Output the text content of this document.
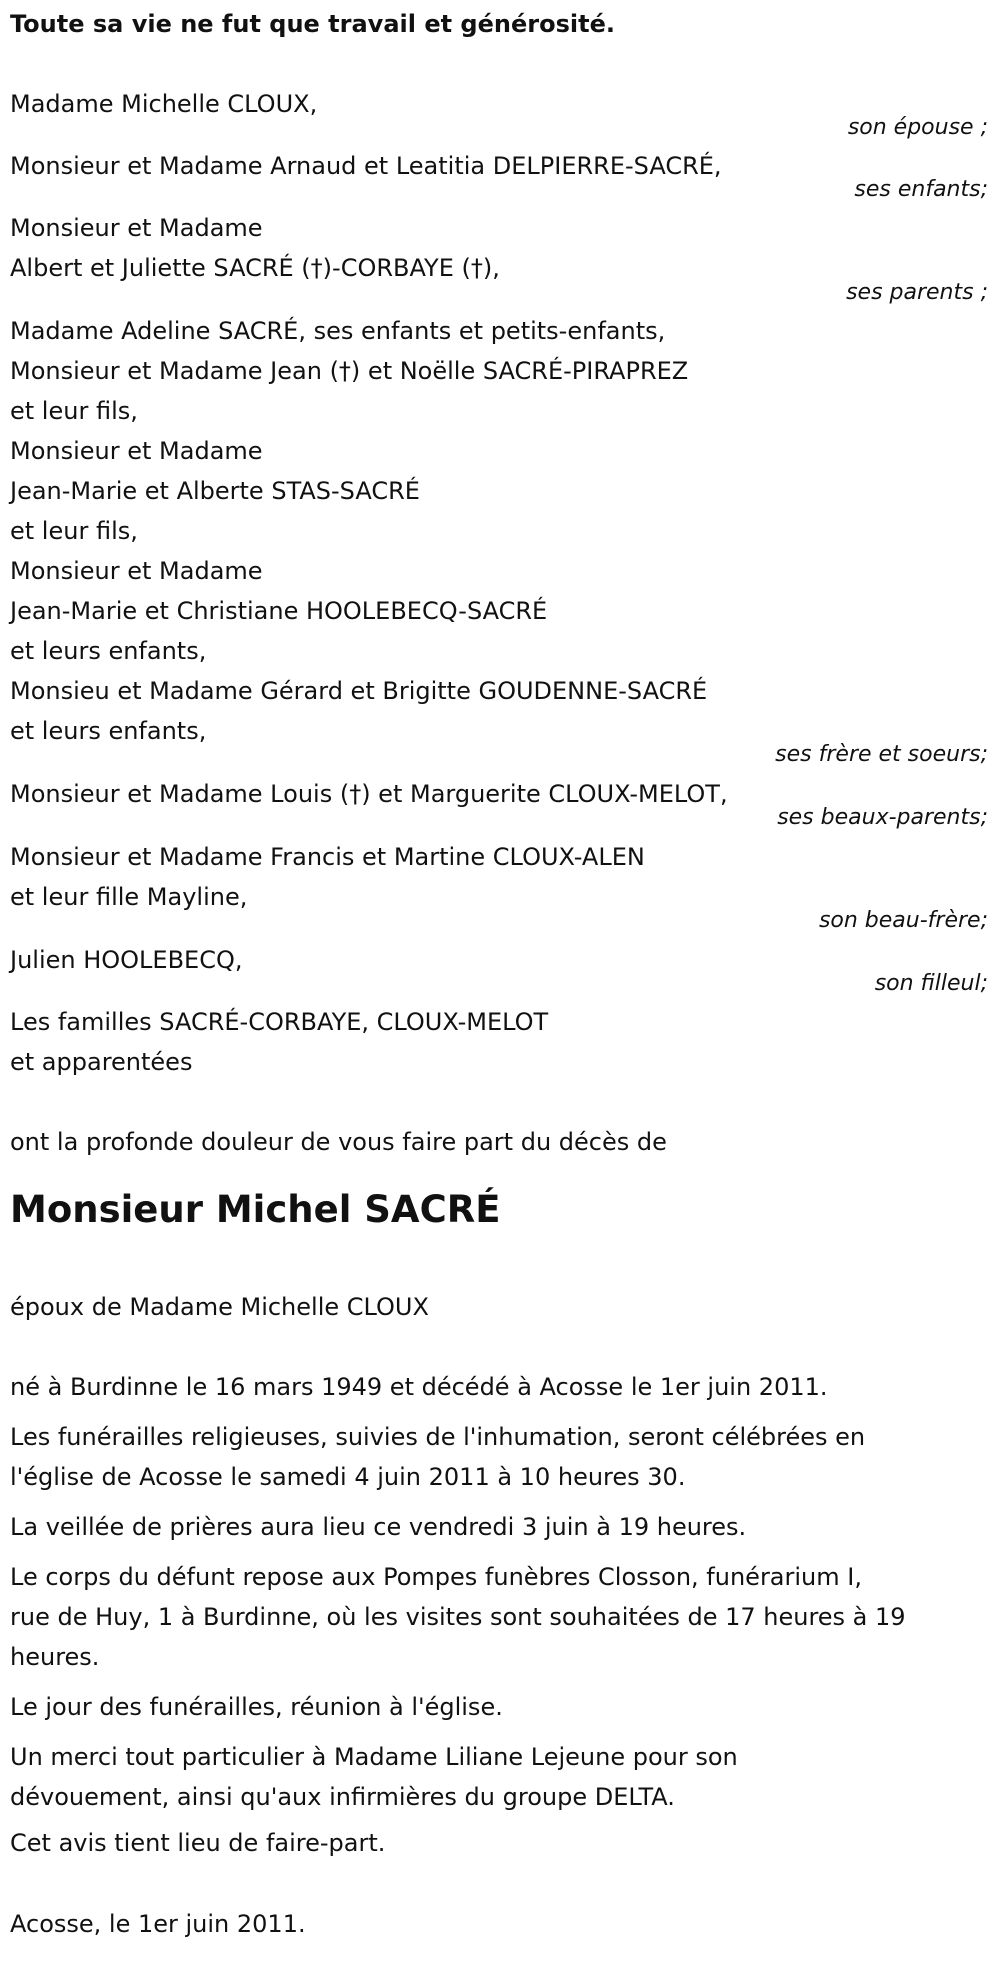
Toute sa vie ne fut que travail et générosité.
Madame Michelle CLOUX,
son épouse ;
Monsieur et Madame Arnaud et Leatitia DELPIERRE-SACRÉ,
ses enfants;
Monsieur et Madame
Albert et Juliette SACRÉ (†)-CORBAYE (†),
ses parents ;
Madame Adeline SACRÉ, ses enfants et petits-enfants,
Monsieur et Madame Jean (†) et Noëlle SACRÉ-PIRAPREZ
et leur fils,
Monsieur et Madame
Jean-Marie et Alberte STAS-SACRÉ
et leur fils,
Monsieur et Madame
Jean-Marie et Christiane HOOLEBECQ-SACRÉ
et leurs enfants,
Monsieu et Madame Gérard et Brigitte GOUDENNE-SACRÉ
et leurs enfants,
ses frère et soeurs;
Monsieur et Madame Louis (†) et Marguerite CLOUX-MELOT,
ses beaux-parents;
Monsieur et Madame Francis et Martine CLOUX-ALEN
et leur fille Mayline,
son beau-frère;
Julien HOOLEBECQ,
son filleul;
Les familles SACRÉ-CORBAYE, CLOUX-MELOT
et apparentées
ont la profonde douleur de vous faire part du décès de
Monsieur Michel SACRÉ
époux de Madame Michelle CLOUX
né à Burdinne le 16 mars 1949 et décédé à Acosse le 1er juin 2011.
Les funérailles religieuses, suivies de l'inhumation, seront célébrées en
l'église de Acosse le samedi 4 juin 2011 à 10 heures 30.
La veillée de prières aura lieu ce vendredi 3 juin à 19 heures.
Le corps du défunt repose aux Pompes funèbres Closson, funérarium I,
rue de Huy, 1 à Burdinne, où les visites sont souhaitées de 17 heures à 19
heures.
Le jour des funérailles, réunion à l'église.
Un merci tout particulier à Madame Liliane Lejeune pour son
dévouement, ainsi qu'aux infirmières du groupe DELTA.
Cet avis tient lieu de faire-part.
Acosse, le 1er juin 2011.
